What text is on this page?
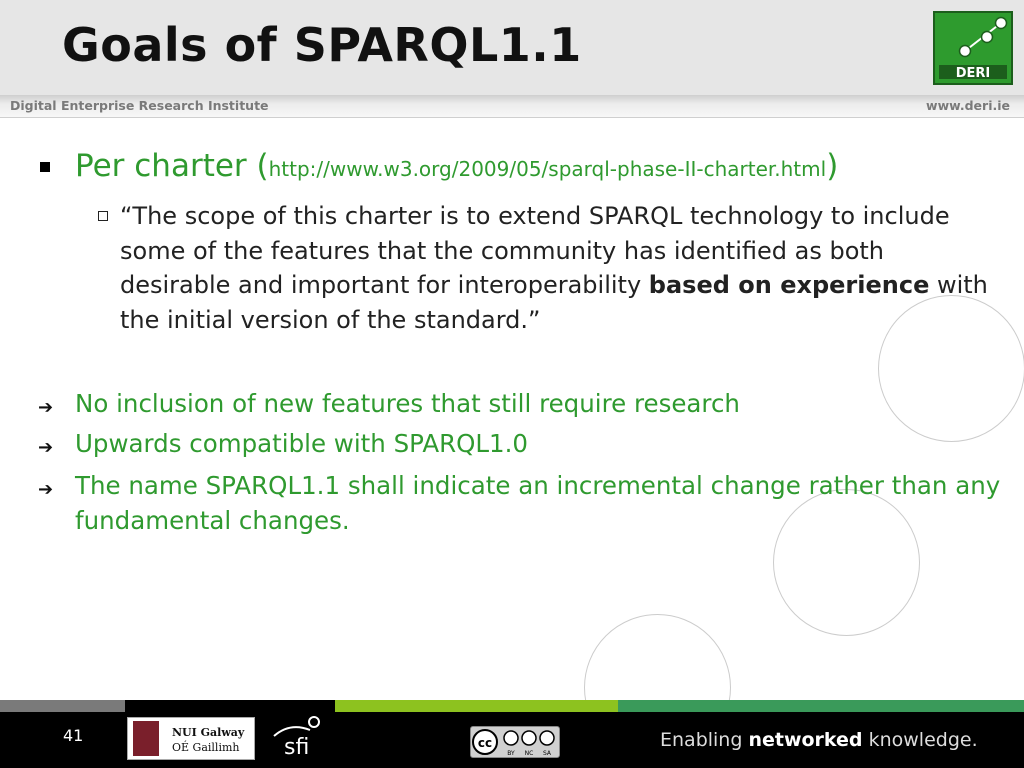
Goals of SPARQL1.1
DERI
Digital Enterprise Research Institute	www.deri.ie
Per charter (http://www.w3.org/2009/05/sparql-phase-II-charter.html)
“The scope of this charter is to extend SPARQL technology to include some of the features that the community has identified as both desirable and important for interoperability based on experience with the initial version of the standard.”
➔ No inclusion of new features that still require research
➔ Upwards compatible with SPARQL1.0
➔ The name SPARQL1.1 shall indicate an incremental change rather than any fundamental changes.
41	NUI Galway
OÉ Gaillimh sfi	cc
BY NC SA
Enabling networked knowledge.
